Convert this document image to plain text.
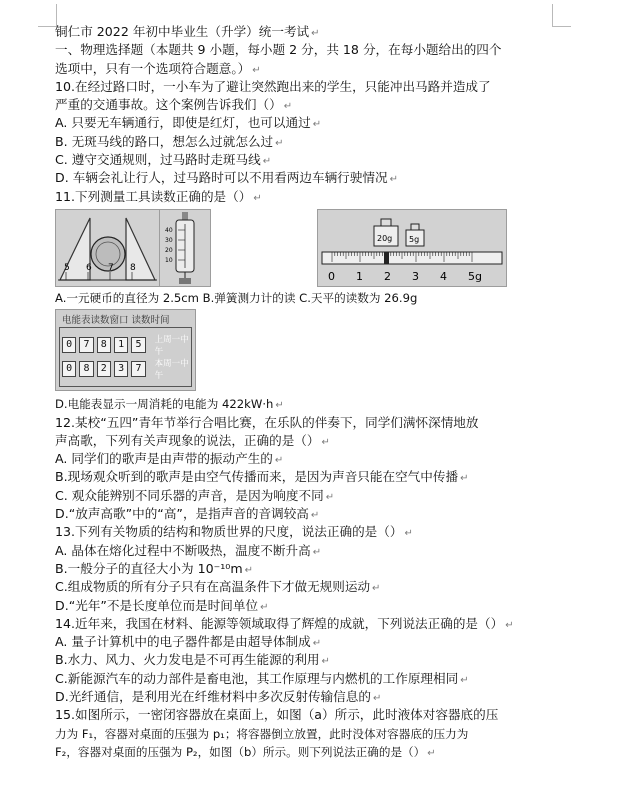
铜仁市 2022 年初中毕业生（升学）统一考试 ↵
一、物理选择题（本题共 9 小题，每小题 2 分，共 18 分，在每小题给出的四个
选项中，只有一个选项符合题意。） ↵
10.在经过路口时，一小车为了避让突然跑出来的学生，只能冲出马路并造成了
严重的交通事故。这个案例告诉我们（） ↵
A. 只要无车辆通行，即使是红灯，也可以通过 ↵
B. 无斑马线的路口，想怎么过就怎么过 ↵
C. 遵守交通规则，过马路时走斑马线 ↵
D. 车辆会礼让行人，过马路时可以不用看两边车辆行驶情况 ↵
11.下列测量工具读数正确的是（） ↵
5 6 7 8
40
30
20
10
20g 5g
0 1 2 3 4 5g
A.一元硬币的直径为 2.5cm B.弹簧测力计的读 C.天平的读数为 26.9g
电能表读数窗口 读数时间
0	7	8	1	5	上周一中午
0	8	2	3	7	本周一中午
D.电能表显示一周消耗的电能为 422kW·h ↵
12.某校“五四”青年节举行合唱比赛，在乐队的伴奏下，同学们满怀深情地放
声高歌，下列有关声现象的说法，正确的是（） ↵
A. 同学们的歌声是由声带的振动产生的 ↵
B.现场观众听到的歌声是由空气传播而来，是因为声音只能在空气中传播 ↵
C. 观众能辨别不同乐器的声音，是因为响度不同 ↵
D.“放声高歌”中的“高”，是指声音的音调较高 ↵
13.下列有关物质的结构和物质世界的尺度，说法正确的是（） ↵
A. 晶体在熔化过程中不断吸热，温度不断升高 ↵
B.一般分子的直径大小为 10⁻¹⁰m ↵
C.组成物质的所有分子只有在高温条件下才做无规则运动 ↵
D.“光年”不是长度单位而是时间单位 ↵
14.近年来，我国在材料、能源等领域取得了辉煌的成就，下列说法正确的是（） ↵
A. 量子计算机中的电子器件都是由超导体制成 ↵
B.水力、风力、火力发电是不可再生能源的利用 ↵
C.新能源汽车的动力部件是畜电池，其工作原理与内燃机的工作原理相同 ↵
D.光纤通信，是利用光在纤维材料中多次反射传输信息的 ↵
15.如图所示，一密闭容器放在桌面上，如图（a）所示，此时液体对容器底的压
力为 F₁，容器对桌面的压强为 p₁；将容器倒立放置，此时没体对容器底的压力为
F₂，容器对桌面的压强为 P₂，如图（b）所示。则下列说法正确的是（） ↵
